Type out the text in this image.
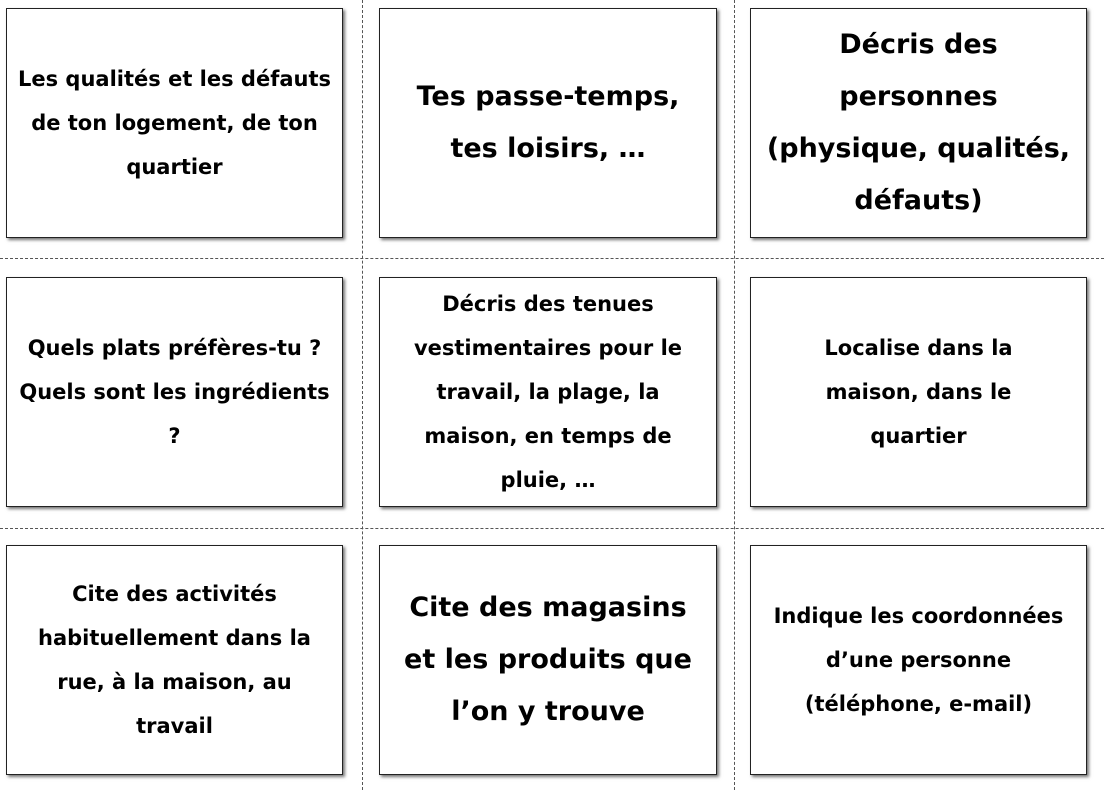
Les qualités et les défauts de ton logement, de ton quartier
Tes passe-temps, tes loisirs, …
Décris des personnes (physique, qualités, défauts)
Quels plats préfères-tu ? Quels sont les ingrédients ?
Décris des tenues vestimentaires pour le travail, la plage, la maison, en temps de pluie, …
Localise dans la maison, dans le quartier
Cite des activités habituellement dans la rue, à la maison, au travail
Cite des magasins et les produits que l’on y trouve
Indique les coordonnées d’une personne (téléphone, e-mail)
